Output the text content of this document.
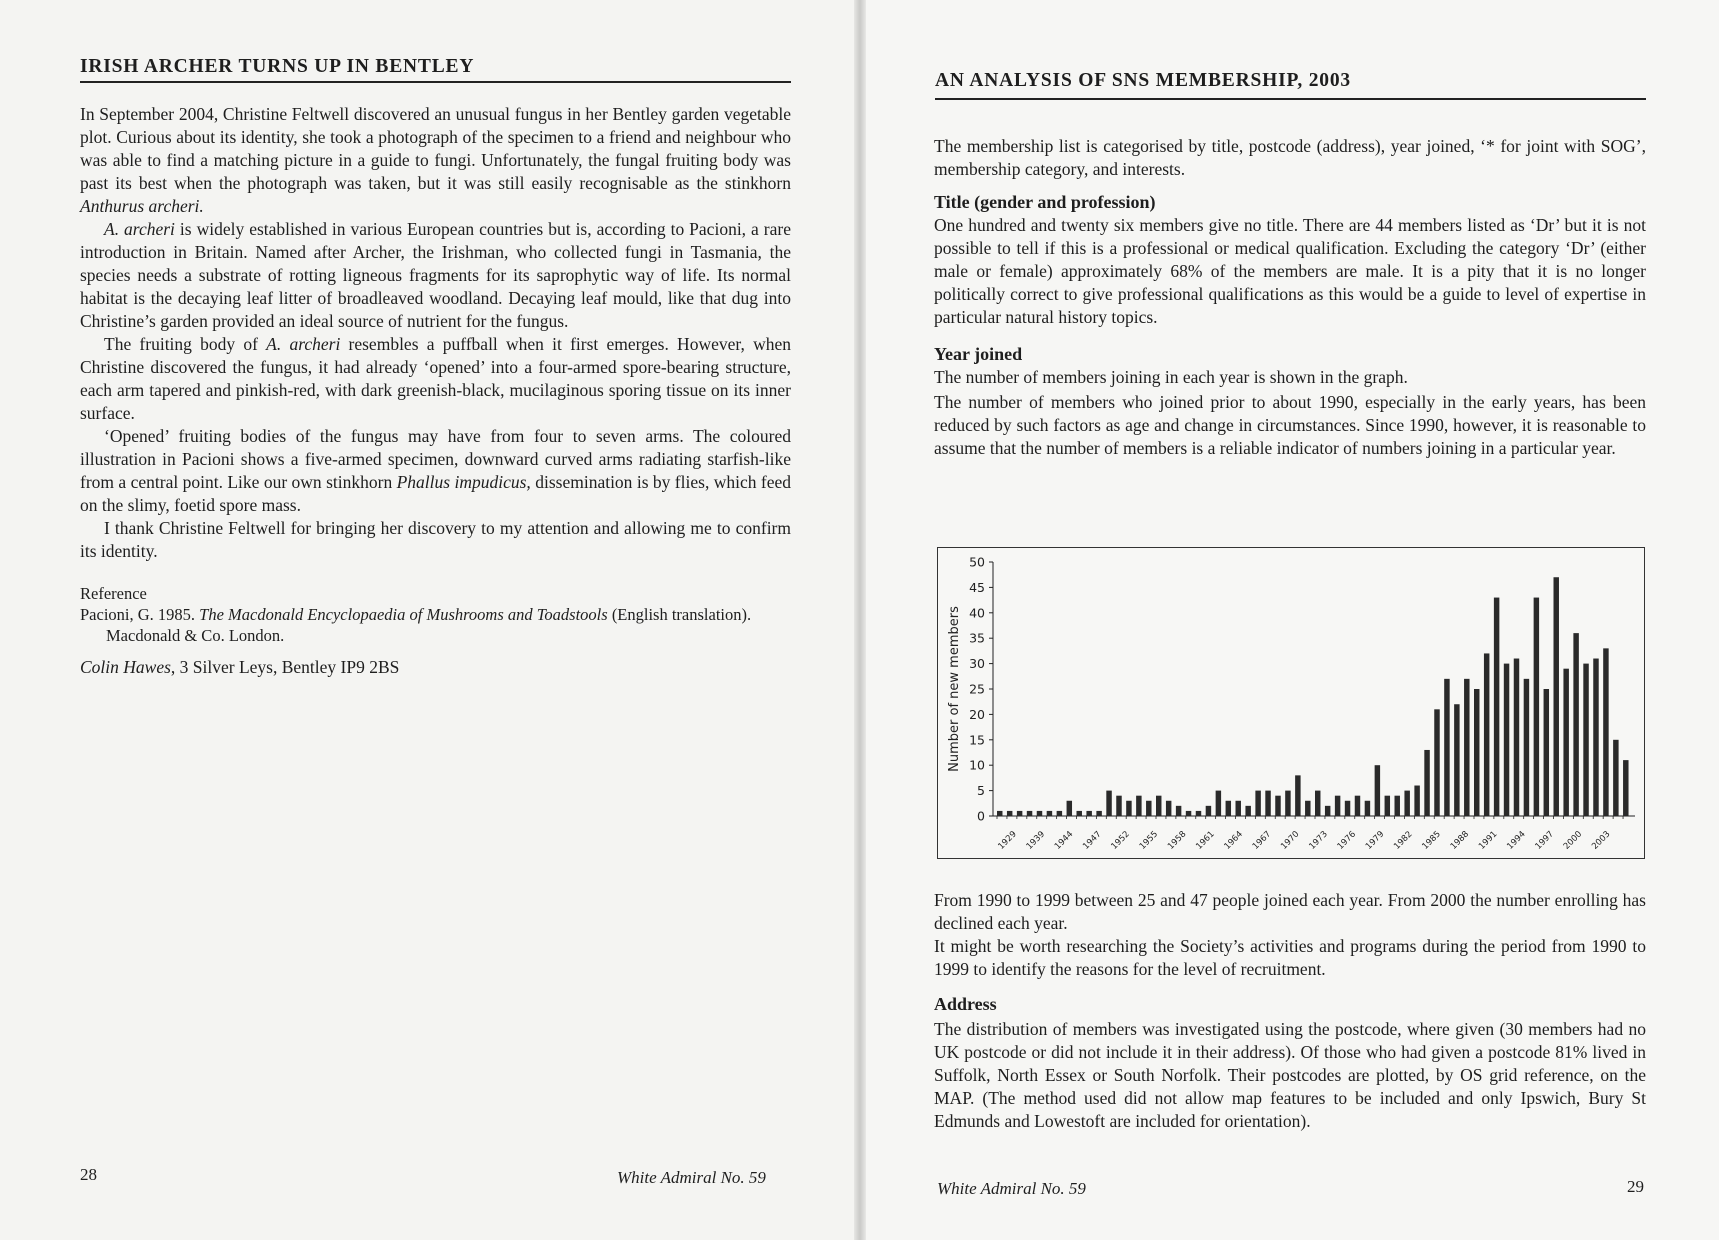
IRISH ARCHER TURNS UP IN BENTLEY

In September 2004, Christine Feltwell discovered an unusual fungus in her Bentley garden vegetable plot. Curious about its identity, she took a photograph of the specimen to a friend and neighbour who was able to find a matching picture in a guide to fungi. Unfortunately, the fungal fruiting body was past its best when the photograph was taken, but it was still easily recognisable as the stinkhorn Anthurus archeri.

A. archeri is widely established in various European countries but is, according to Pacioni, a rare introduction in Britain. Named after Archer, the Irishman, who collected fungi in Tasmania, the species needs a substrate of rotting ligneous fragments for its saprophytic way of life. Its normal habitat is the decaying leaf litter of broadleaved woodland. Decaying leaf mould, like that dug into Christine’s garden provided an ideal source of nutrient for the fungus.

The fruiting body of A. archeri resembles a puffball when it first emerges. However, when Christine discovered the fungus, it had already ‘opened’ into a four-armed spore-bearing structure, each arm tapered and pinkish-red, with dark greenish-black, mucilaginous sporing tissue on its inner surface.

‘Opened’ fruiting bodies of the fungus may have from four to seven arms. The coloured illustration in Pacioni shows a five-armed specimen, downward curved arms radiating starfish-like from a central point. Like our own stinkhorn Phallus impudicus, dissemination is by flies, which feed on the slimy, foetid spore mass.

I thank Christine Feltwell for bringing her discovery to my attention and allowing me to confirm its identity.

Reference

Pacioni, G. 1985. The Macdonald Encyclopaedia of Mushrooms and Toadstools (English translation). Macdonald & Co. London.

Colin Hawes, 3 Silver Leys, Bentley IP9 2BS

28	White Admiral No. 59
AN ANALYSIS OF SNS MEMBERSHIP, 2003

The membership list is categorised by title, postcode (address), year joined, ‘* for joint with SOG’, membership category, and interests.

Title (gender and profession)

One hundred and twenty six members give no title. There are 44 members listed as ‘Dr’ but it is not possible to tell if this is a professional or medical qualification. Excluding the category ‘Dr’ (either male or female) approximately 68% of the members are male. It is a pity that it is no longer politically correct to give professional qualifications as this would be a guide to level of expertise in particular natural history topics.

Year joined

The number of members joining in each year is shown in the graph.

The number of members who joined prior to about 1990, especially in the early years, has been reduced by such factors as age and change in circumstances. Since 1990, however, it is reasonable to assume that the number of members is a reliable indicator of numbers joining in a particular year.

0
5
10
15
20
25
30
35
40
45
50
Number of new members
1929 1939 1944 1947 1952 1955 1958 1961 1964 1967 1970 1973 1976 1979 1982 1985 1988 1991 1994 1997 2000 2003

From 1990 to 1999 between 25 and 47 people joined each year. From 2000 the number enrolling has declined each year.

It might be worth researching the Society’s activities and programs during the period from 1990 to 1999 to identify the reasons for the level of recruitment.

Address

The distribution of members was investigated using the postcode, where given (30 members had no UK postcode or did not include it in their address). Of those who had given a postcode 81% lived in Suffolk, North Essex or South Norfolk. Their postcodes are plotted, by OS grid reference, on the MAP. (The method used did not allow map features to be included and only Ipswich, Bury St Edmunds and Lowestoft are included for orientation).

White Admiral No. 59	29
